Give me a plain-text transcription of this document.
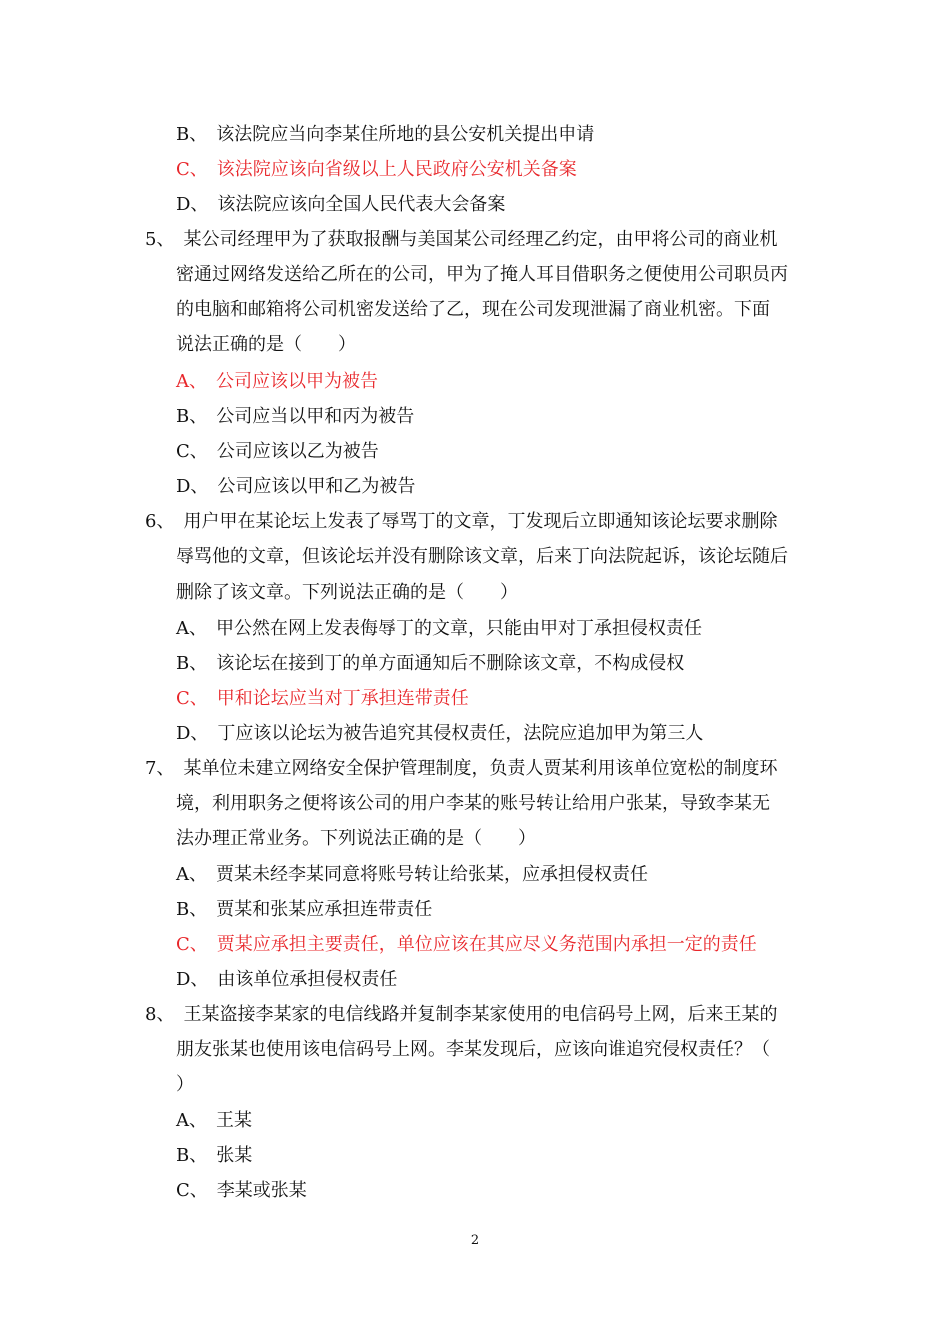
B、　该法院应当向李某住所地的县公安机关提出申请
C、　该法院应该向省级以上人民政府公安机关备案
D、　该法院应该向全国人民代表大会备案
5、　某公司经理甲为了获取报酬与美国某公司经理乙约定，由甲将公司的商业机
密通过网络发送给乙所在的公司，甲为了掩人耳目借职务之便使用公司职员丙
的电脑和邮箱将公司机密发送给了乙，现在公司发现泄漏了商业机密。下面
说法正确的是（　　）
A、　公司应该以甲为被告
B、　公司应当以甲和丙为被告
C、　公司应该以乙为被告
D、　公司应该以甲和乙为被告
6、　用户甲在某论坛上发表了辱骂丁的文章，丁发现后立即通知该论坛要求删除
辱骂他的文章，但该论坛并没有删除该文章，后来丁向法院起诉，该论坛随后
删除了该文章。下列说法正确的是（　　）
A、　甲公然在网上发表侮辱丁的文章，只能由甲对丁承担侵权责任
B、　该论坛在接到丁的单方面通知后不删除该文章，不构成侵权
C、　甲和论坛应当对丁承担连带责任
D、　丁应该以论坛为被告追究其侵权责任，法院应追加甲为第三人
7、　某单位未建立网络安全保护管理制度，负责人贾某利用该单位宽松的制度环
境，利用职务之便将该公司的用户李某的账号转让给用户张某，导致李某无
法办理正常业务。下列说法正确的是（　　）
A、　贾某未经李某同意将账号转让给张某，应承担侵权责任
B、　贾某和张某应承担连带责任
C、　贾某应承担主要责任，单位应该在其应尽义务范围内承担一定的责任
D、　由该单位承担侵权责任
8、　王某盗接李某家的电信线路并复制李某家使用的电信码号上网，后来王某的
朋友张某也使用该电信码号上网。李某发现后，应该向谁追究侵权责任？（
）
A、　王某
B、　张某
C、　李某或张某
2
